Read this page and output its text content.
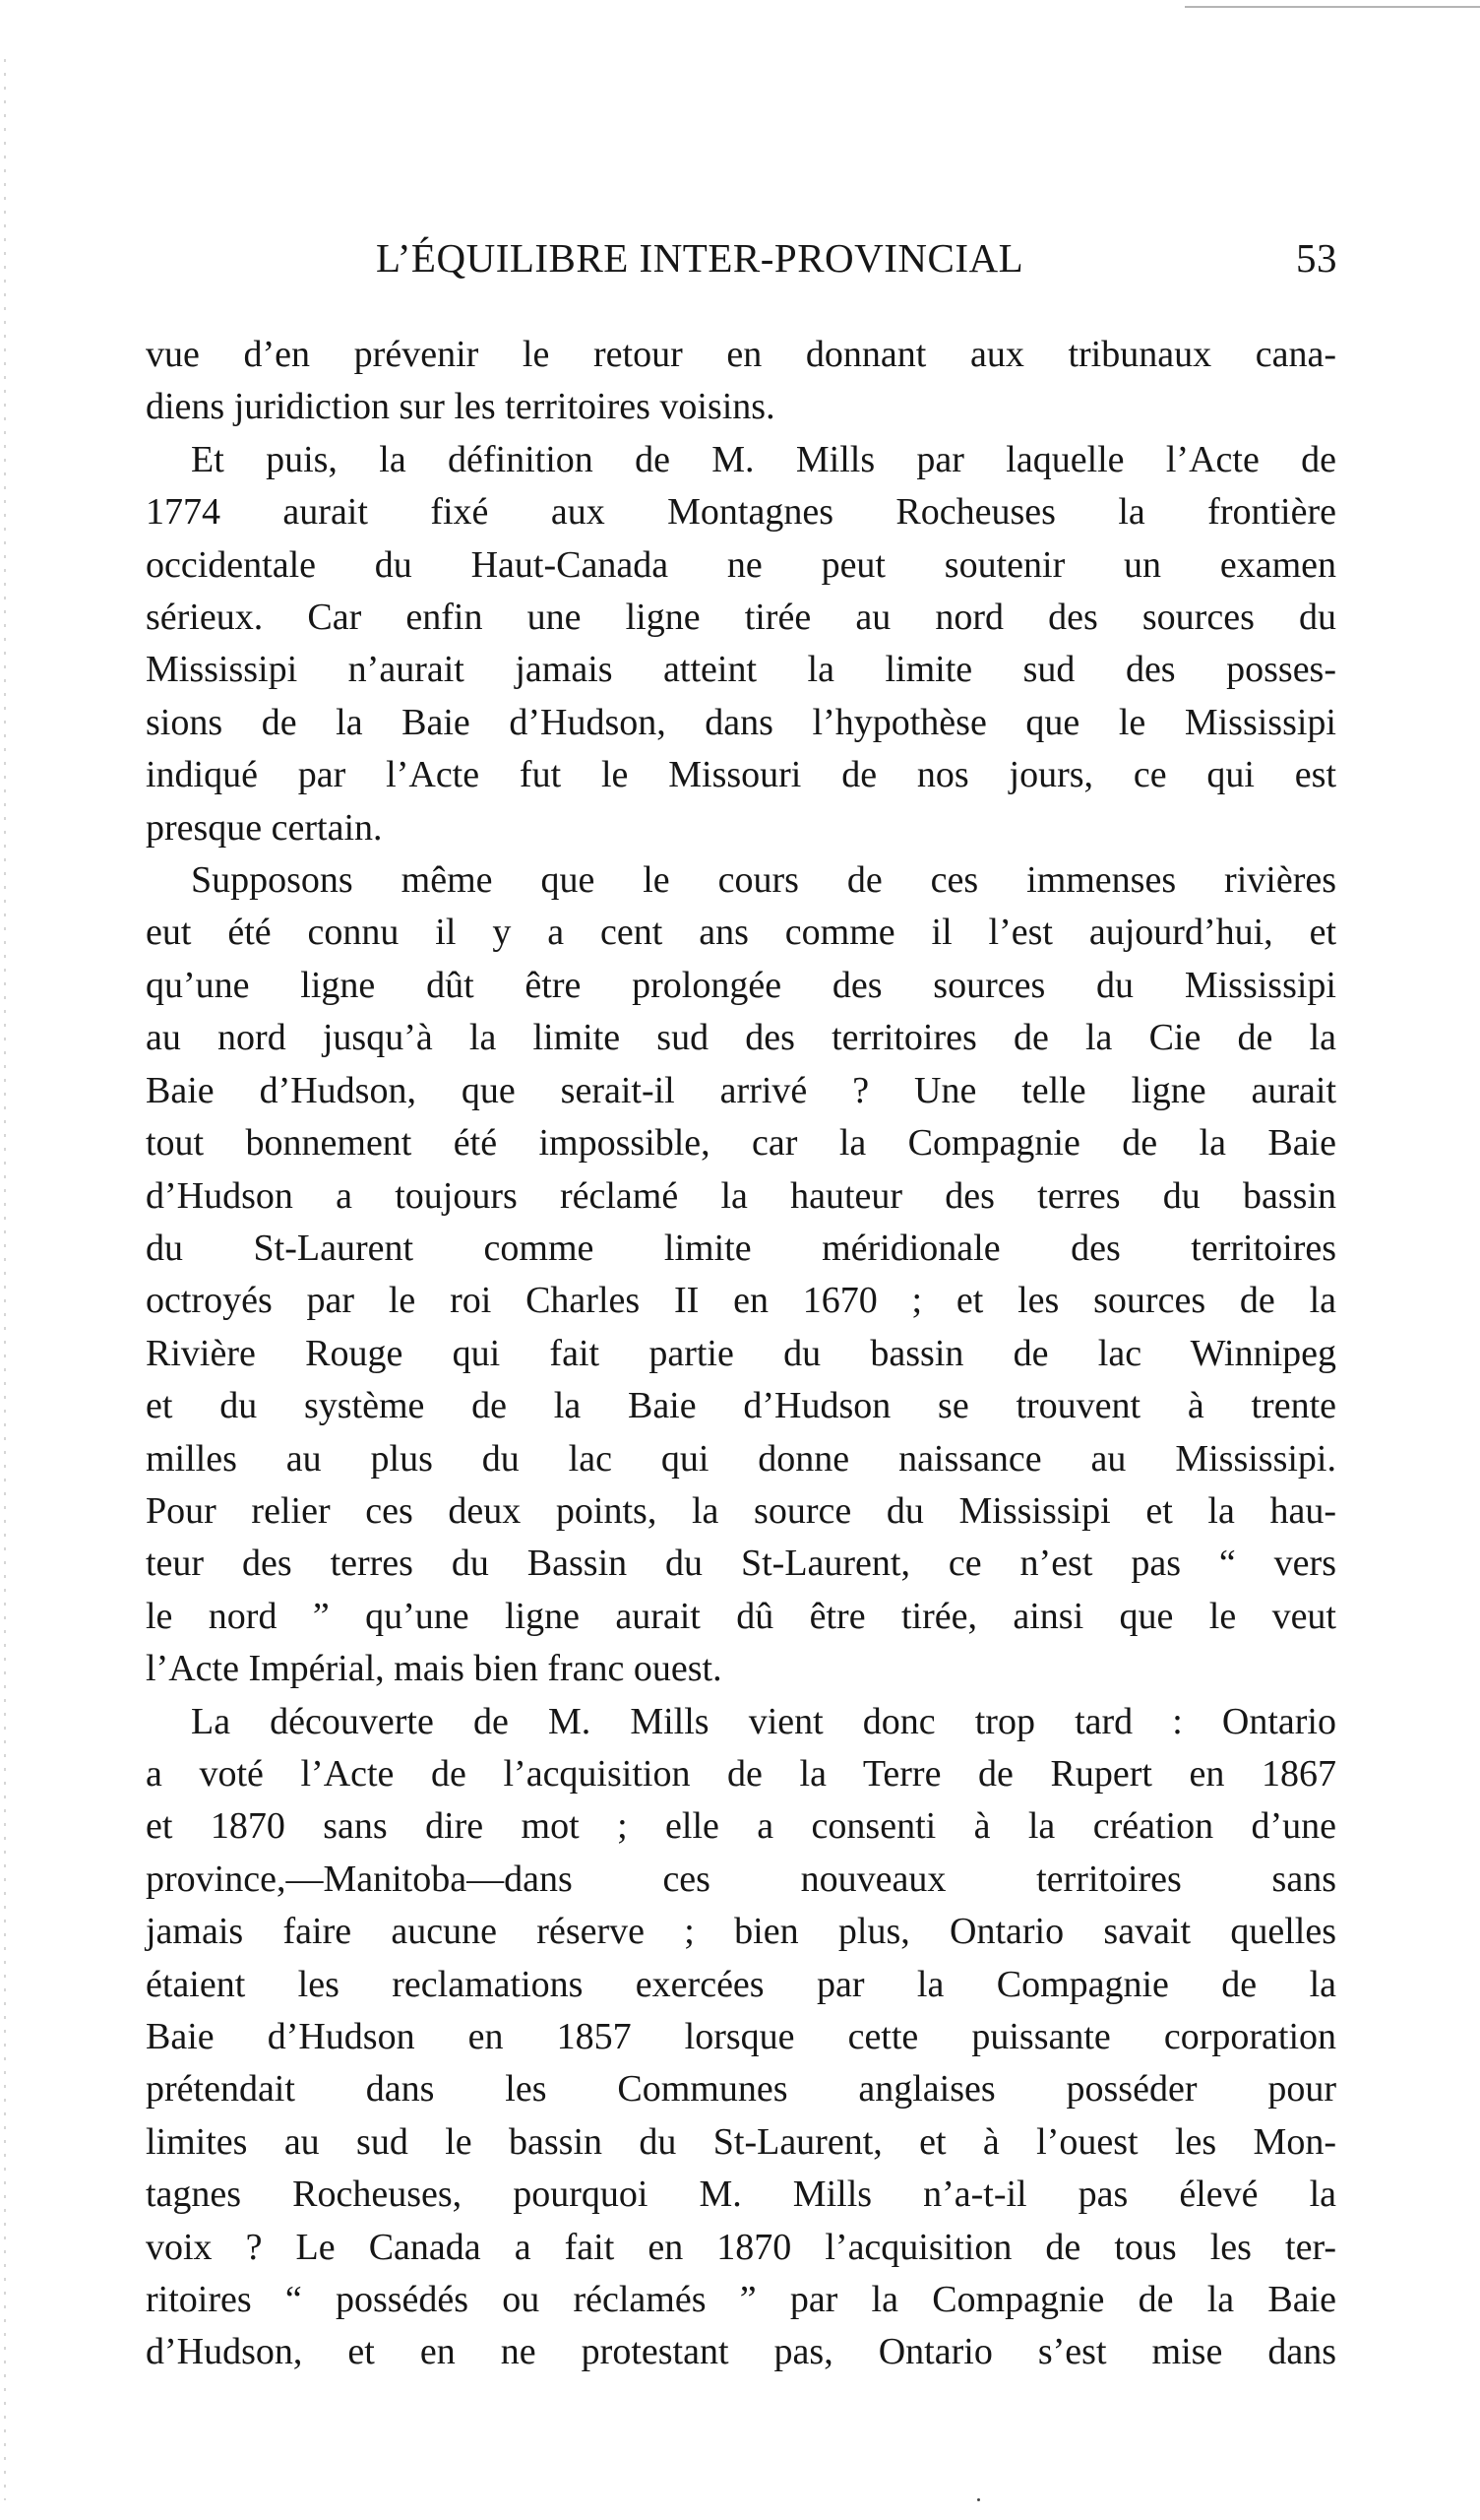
L’ÉQUILIBRE INTER-PROVINCIAL	53
vue d’en prévenir le retour en donnant aux tribunaux cana-
diens juridiction sur les territoires voisins.
Et puis, la définition de M. Mills par laquelle l’Acte de
1774 aurait fixé aux Montagnes Rocheuses la frontière
occidentale du Haut-Canada ne peut soutenir un examen
sérieux. Car enfin une ligne tirée au nord des sources du
Mississipi n’aurait jamais atteint la limite sud des posses-
sions de la Baie d’Hudson, dans l’hypothèse que le Mississipi
indiqué par l’Acte fut le Missouri de nos jours, ce qui est
presque certain.
Supposons même que le cours de ces immenses rivières
eut été connu il y a cent ans comme il l’est aujourd’hui, et
qu’une ligne dût être prolongée des sources du Mississipi
au nord jusqu’à la limite sud des territoires de la Cie de la
Baie d’Hudson, que serait-il arrivé ? Une telle ligne aurait
tout bonnement été impossible, car la Compagnie de la Baie
d’Hudson a toujours réclamé la hauteur des terres du bassin
du St-Laurent comme limite méridionale des territoires
octroyés par le roi Charles II en 1670 ; et les sources de la
Rivière Rouge qui fait partie du bassin de lac Winnipeg
et du système de la Baie d’Hudson se trouvent à trente
milles au plus du lac qui donne naissance au Mississipi.
Pour relier ces deux points, la source du Mississipi et la hau-
teur des terres du Bassin du St-Laurent, ce n’est pas “ vers
le nord ” qu’une ligne aurait dû être tirée, ainsi que le veut
l’Acte Impérial, mais bien franc ouest.
La découverte de M. Mills vient donc trop tard : Ontario
a voté l’Acte de l’acquisition de la Terre de Rupert en 1867
et 1870 sans dire mot ; elle a consenti à la création d’une
province,—Manitoba—dans ces nouveaux territoires sans
jamais faire aucune réserve ; bien plus, Ontario savait quelles
étaient les reclamations exercées par la Compagnie de la
Baie d’Hudson en 1857 lorsque cette puissante corporation
prétendait dans les Communes anglaises posséder pour
limites au sud le bassin du St-Laurent, et à l’ouest les Mon-
tagnes Rocheuses, pourquoi M. Mills n’a-t-il pas élevé la
voix ? Le Canada a fait en 1870 l’acquisition de tous les ter-
ritoires “ possédés ou réclamés ” par la Compagnie de la Baie
d’Hudson, et en ne protestant pas, Ontario s’est mise dans
